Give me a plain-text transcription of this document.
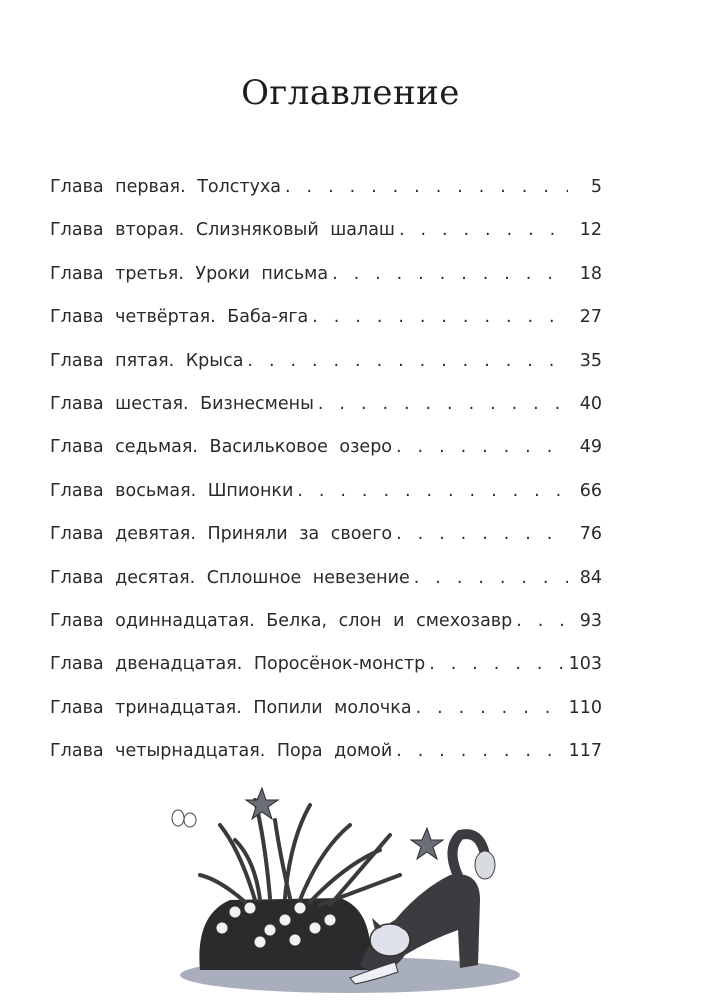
Оглавление
Глава первая. Толстуха . . .	5
Глава вторая. Слизняковый шалаш . . .	12
Глава третья. Уроки письма . . .	18
Глава четвёртая. Баба-яга . . .	27
Глава пятая. Крыса . . .	35
Глава шестая. Бизнесмены . . .	40
Глава седьмая. Васильковое озеро . . .	49
Глава восьмая. Шпионки . . .	66
Глава девятая. Приняли за своего . . .	76
Глава десятая. Сплошное невезение . . .	84
Глава одиннадцатая. Белка, слон и смехозавр . . .	93
Глава двенадцатая. Поросёнок-монстр . . .	103
Глава тринадцатая. Попили молочка . . .	110
Глава четырнадцатая. Пора домой . . .	117
